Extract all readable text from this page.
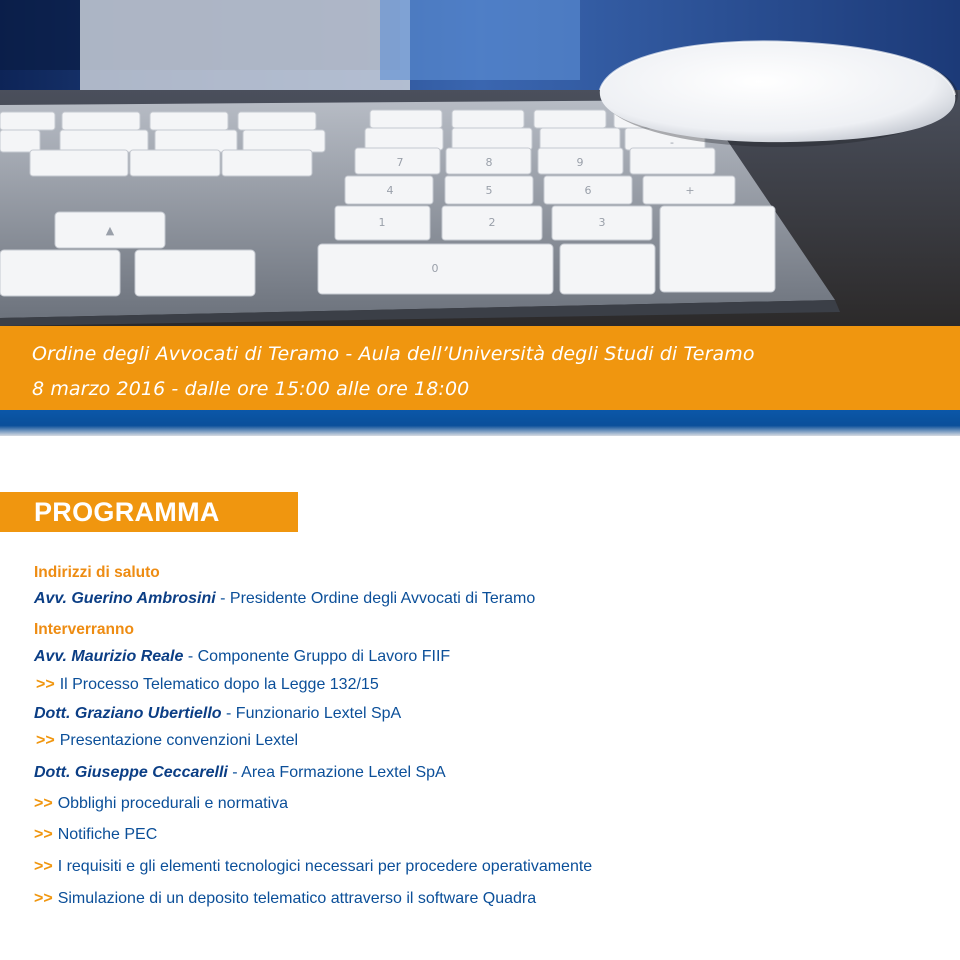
7	8	9
4	5	6	+
1	2	3
0
-
▲
Ordine degli Avvocati di Teramo - Aula dell’Università degli Studi di Teramo
8 marzo 2016 - dalle ore 15:00 alle ore 18:00
PROGRAMMA
Indirizzi di saluto
Avv. Guerino Ambrosini - Presidente Ordine degli Avvocati di Teramo
Interverranno
Avv. Maurizio Reale - Componente Gruppo di Lavoro FIIF
>> Il Processo Telematico dopo la Legge 132/15
Dott. Graziano Ubertiello - Funzionario Lextel SpA
>> Presentazione convenzioni Lextel
Dott. Giuseppe Ceccarelli - Area Formazione Lextel SpA
>> Obblighi procedurali e normativa
>> Notifiche PEC
>> I requisiti e gli elementi tecnologici necessari per procedere operativamente
>> Simulazione di un deposito telematico attraverso il software Quadra
